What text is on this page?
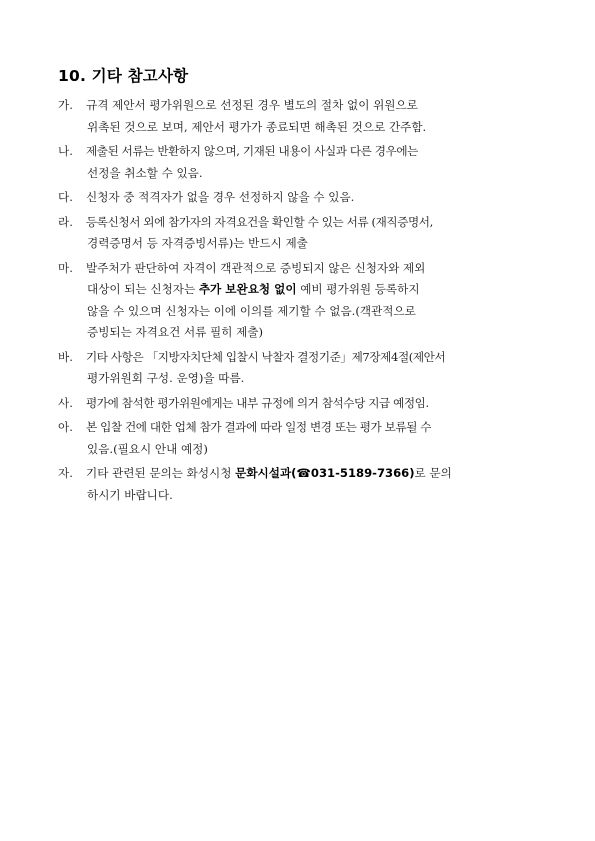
10. 기타 참고사항
가.	규격 제안서 평가위원으로 선정된 경우 별도의 절차 없이 위원으로
위촉된 것으로 보며, 제안서 평가가 종료되면 해촉된 것으로 간주함.
나.	제출된 서류는 반환하지 않으며, 기재된 내용이 사실과 다른 경우에는
선정을 취소할 수 있음.
다.	신청자 중 적격자가 없을 경우 선정하지 않을 수 있음.
라.	등록신청서 외에 참가자의 자격요건을 확인할 수 있는 서류 (재직증명서,
경력증명서 등 자격증빙서류)는 반드시 제출
마.	발주처가 판단하여 자격이 객관적으로 증빙되지 않은 신청자와 제외
대상이 되는 신청자는 추가 보완요청 없이 예비 평가위원 등록하지
않을 수 있으며 신청자는 이에 이의를 제기할 수 없음.(객관적으로
증빙되는 자격요건 서류 필히 제출)
바.	기타 사항은 「지방자치단체 입찰시 낙찰자 결정기준」제7장제4절(제안서
평가위원회 구성. 운영)을 따름.
사.	평가에 참석한 평가위원에게는 내부 규정에 의거 참석수당 지급 예정임.
아.	본 입찰 건에 대한 업체 참가 결과에 따라 일정 변경 또는 평가 보류될 수
있음.(필요시 안내 예정)
자.	기타 관련된 문의는 화성시청 문화시설과(☎031-5189-7366)로 문의
하시기 바랍니다.
